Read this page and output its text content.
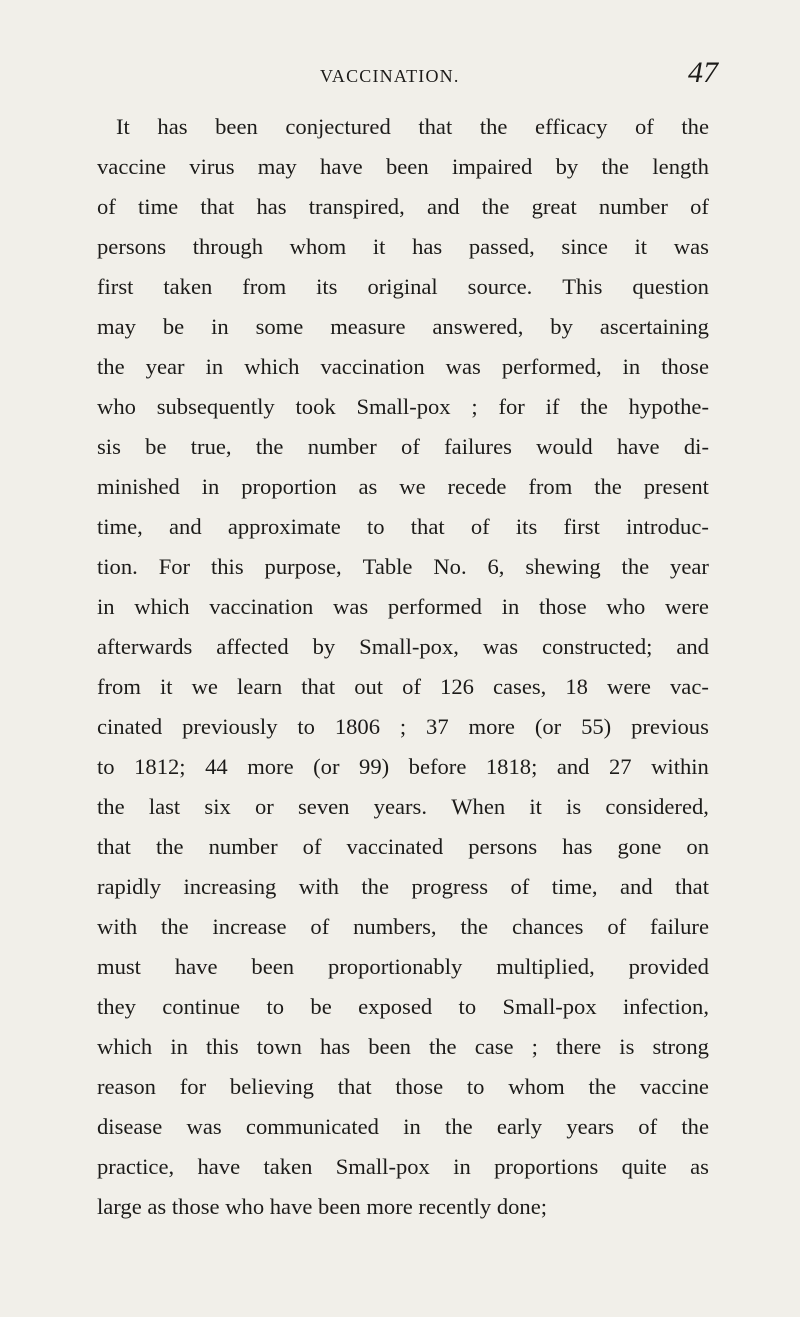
VACCINATION.	47
It has been conjectured that the efficacy of the
vaccine virus may have been impaired by the length
of time that has transpired, and the great number of
persons through whom it has passed, since it was
first taken from its original source. This question
may be in some measure answered, by ascertaining
the year in which vaccination was performed, in those
who subsequently took Small-pox ; for if the hypothe-
sis be true, the number of failures would have di-
minished in proportion as we recede from the present
time, and approximate to that of its first introduc-
tion. For this purpose, Table No. 6, shewing the year
in which vaccination was performed in those who were
afterwards affected by Small-pox, was constructed; and
from it we learn that out of 126 cases, 18 were vac-
cinated previously to 1806 ; 37 more (or 55) previous
to 1812; 44 more (or 99) before 1818; and 27 within
the last six or seven years. When it is considered,
that the number of vaccinated persons has gone on
rapidly increasing with the progress of time, and that
with the increase of numbers, the chances of failure
must have been proportionably multiplied, provided
they continue to be exposed to Small-pox infection,
which in this town has been the case ; there is strong
reason for believing that those to whom the vaccine
disease was communicated in the early years of the
practice, have taken Small-pox in proportions quite as
large as those who have been more recently done;
